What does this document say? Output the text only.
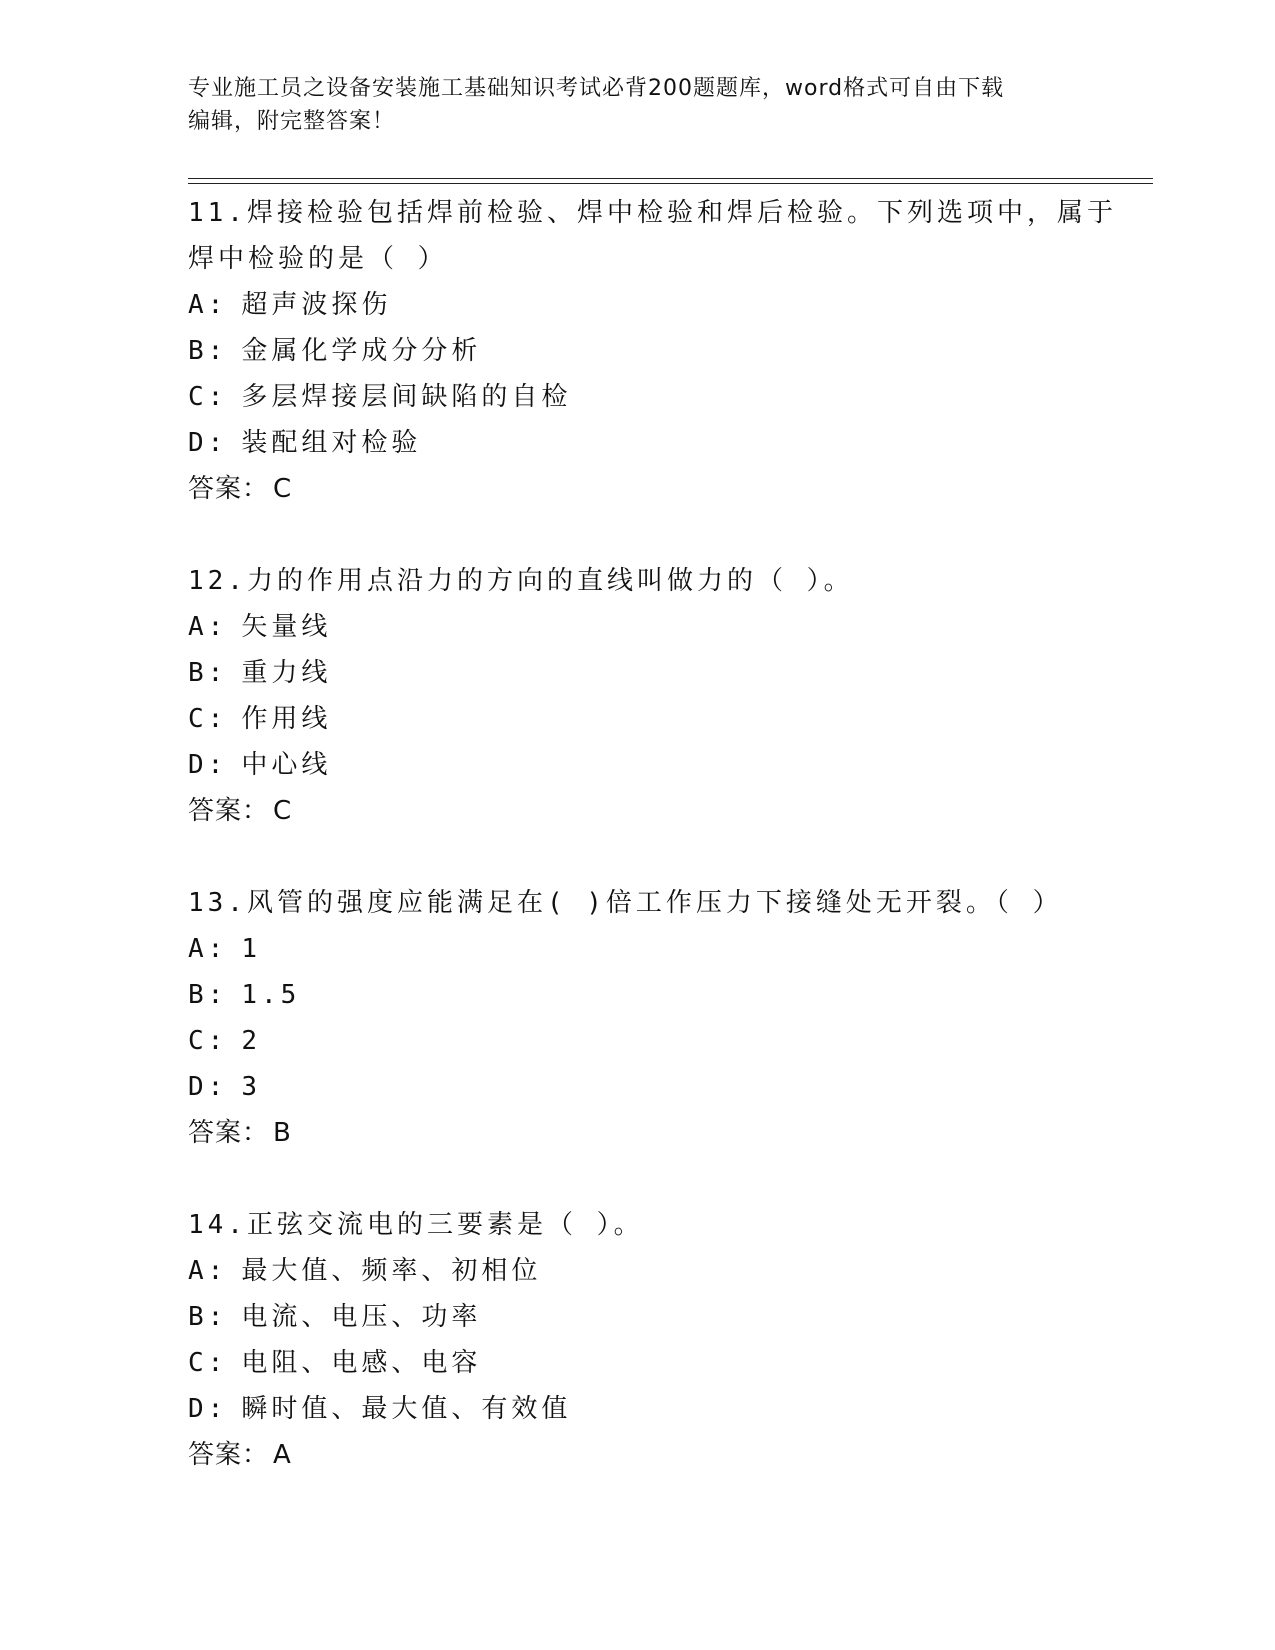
专业施工员之设备安装施工基础知识考试必背200题题库，word格式可自由下载
编辑，附完整答案！
11.焊接检验包括焊前检验、焊中检验和焊后检验。下列选项中，属于
焊中检验的是（ ）
A: 超声波探伤
B: 金属化学成分分析
C: 多层焊接层间缺陷的自检
D: 装配组对检验
答案： C
12.力的作用点沿力的方向的直线叫做力的（ ）。
A: 矢量线
B: 重力线
C: 作用线
D: 中心线
答案： C
13.风管的强度应能满足在( )倍工作压力下接缝处无开裂。（ ）
A: 1
B: 1.5
C: 2
D: 3
答案： B
14.正弦交流电的三要素是（ ）。
A: 最大值、频率、初相位
B: 电流、电压、功率
C: 电阻、电感、电容
D: 瞬时值、最大值、有效值
答案： A
